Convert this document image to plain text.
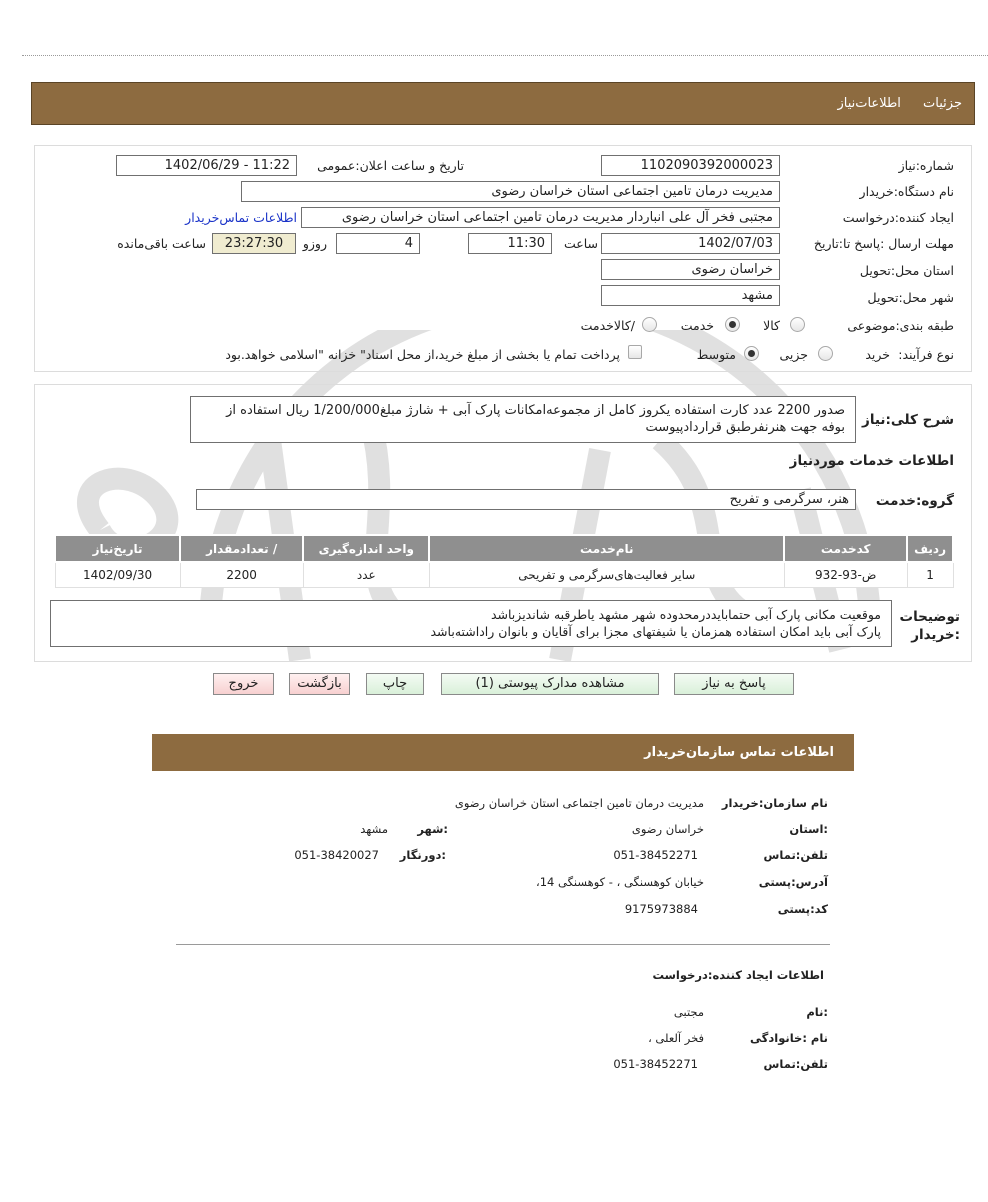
جزئیات اطلاعات‌نیاز
شماره:نیاز
1102090392000023
تاریخ و ساعت اعلان:عمومی
1402/06/29 - 11:22
نام دستگاه:خریدار
مدیریت درمان تامین اجتماعی استان خراسان رضوی
ایجاد کننده:درخواست
مجتبی فخر آل علی انباردار مدیریت درمان تامین اجتماعی استان خراسان رضوی
اطلاعات تماس‌خریدار
مهلت ارسال :پاسخ تا:تاریخ
1402/07/03
ساعت
11:30
4
روزو
23:27:30
ساعت باقی‌مانده
استان محل:تحویل
خراسان رضوی
شهر محل:تحویل
مشهد
طبقه بندی:موضوعی
کالا
خدمت
/کالاخدمت
نوع فرآیند:
خرید
جزیی
متوسط
پرداخت تمام یا بخشی از مبلغ خرید،از محل اسناد" خزانه "اسلامی خواهد.بود
شرح کلی:نیاز
صدور 2200 عدد کارت استفاده یکروز کامل از مجموعه‌امکانات پارک آبی + شارژ مبلغ1/200/000 ریال استفاده از بوفه جهت هنرنفرطبق قراردادپیوست
اطلاعات خدمات موردنیاز
گروه:خدمت
هنر، سرگرمی و تفریح
ردیف	کدخدمت	نام‌خدمت	واحد اندازه‌گیری	/ تعدادمقدار	تاریخ‌نیاز
1	ض-93-932	سایر فعالیت‌های‌سرگرمی و تفریحی	عدد	2200	1402/09/30
توضیحات :خریدار
موقعیت مکانی پارک آبی حتمابایددرمحدوده شهر مشهد یاطرقبه شاندیزباشد
پارک آبی باید امکان استفاده همزمان یا شیفتهای مجزا برای آقایان و بانوان راداشته‌باشد
پاسخ به نیاز
مشاهده مدارک پیوستی (1)
چاپ
بازگشت
خروج
اطلاعات تماس سازمان‌خریدار
نام سازمان:خریدار
مدیریت درمان تامین اجتماعی استان خراسان رضوی
:استان
خراسان رضوی
:شهر
مشهد
تلفن:تماس
051-38452271
:دورنگار
051-38420027
آدرس:پستی
خیابان کوهسنگی ، - کوهسنگی 14،
کد:پستی
9175973884
اطلاعات ایجاد کننده:درخواست
:نام
مجتبی
نام :خانوادگی
فخر آلعلی ،
تلفن:تماس
051-38452271
